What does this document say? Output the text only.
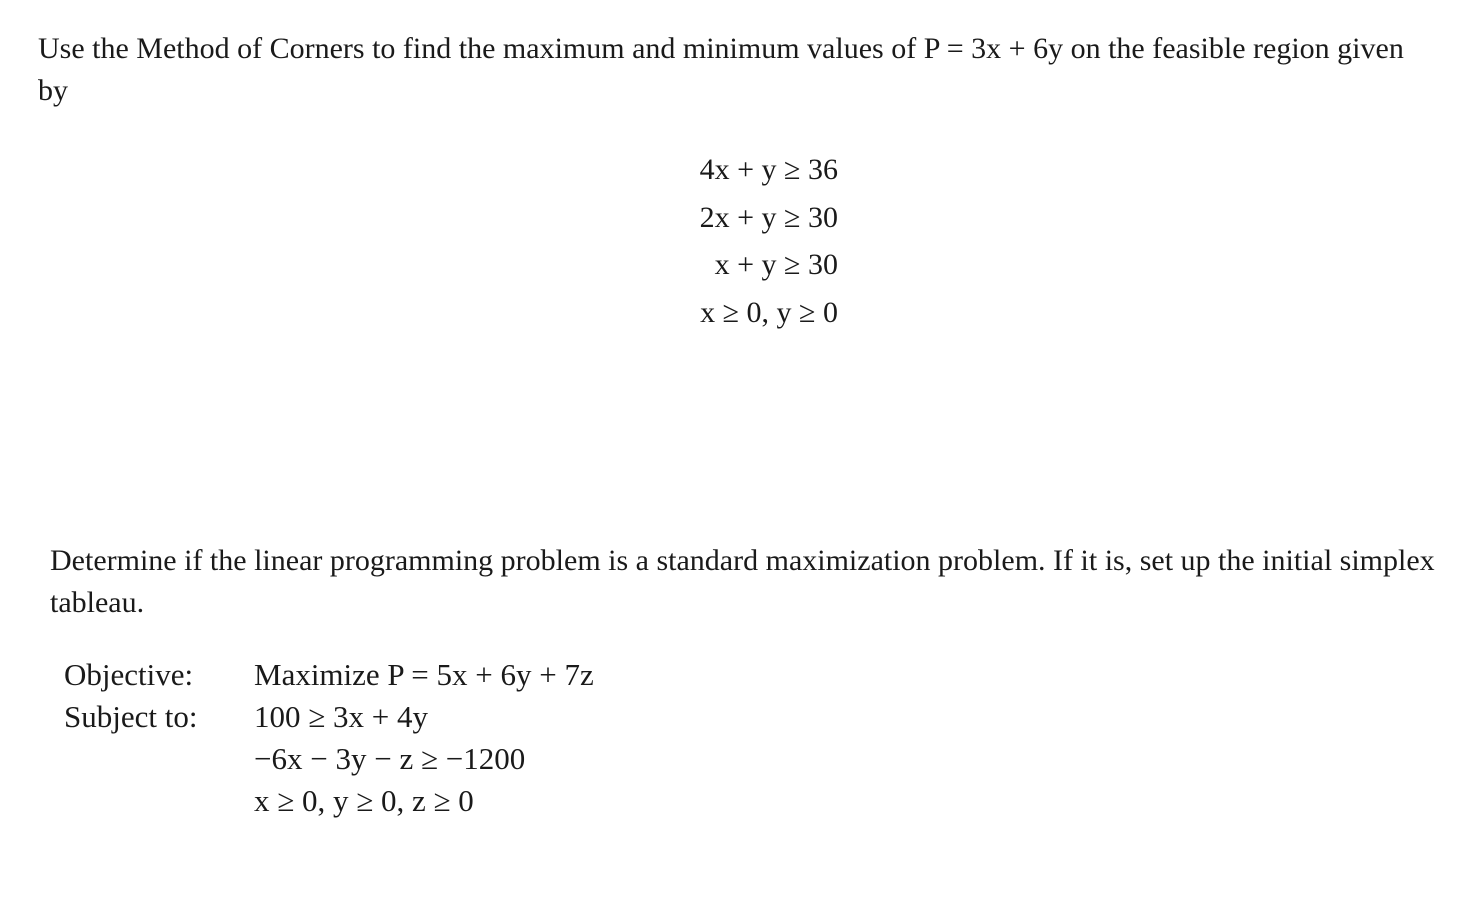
Use the Method of Corners to find the maximum and minimum values of P = 3x + 6y on the feasible region given by

4x + y ≥ 36
2x + y ≥ 30
x + y ≥ 30
x ≥ 0, y ≥ 0

Determine if the linear programming problem is a standard maximization problem. If it is, set up the initial simplex tableau.

Objective:	Maximize P = 5x + 6y + 7z
Subject to:	100 ≥ 3x + 4y
−6x − 3y − z ≥ −1200
x ≥ 0, y ≥ 0, z ≥ 0
